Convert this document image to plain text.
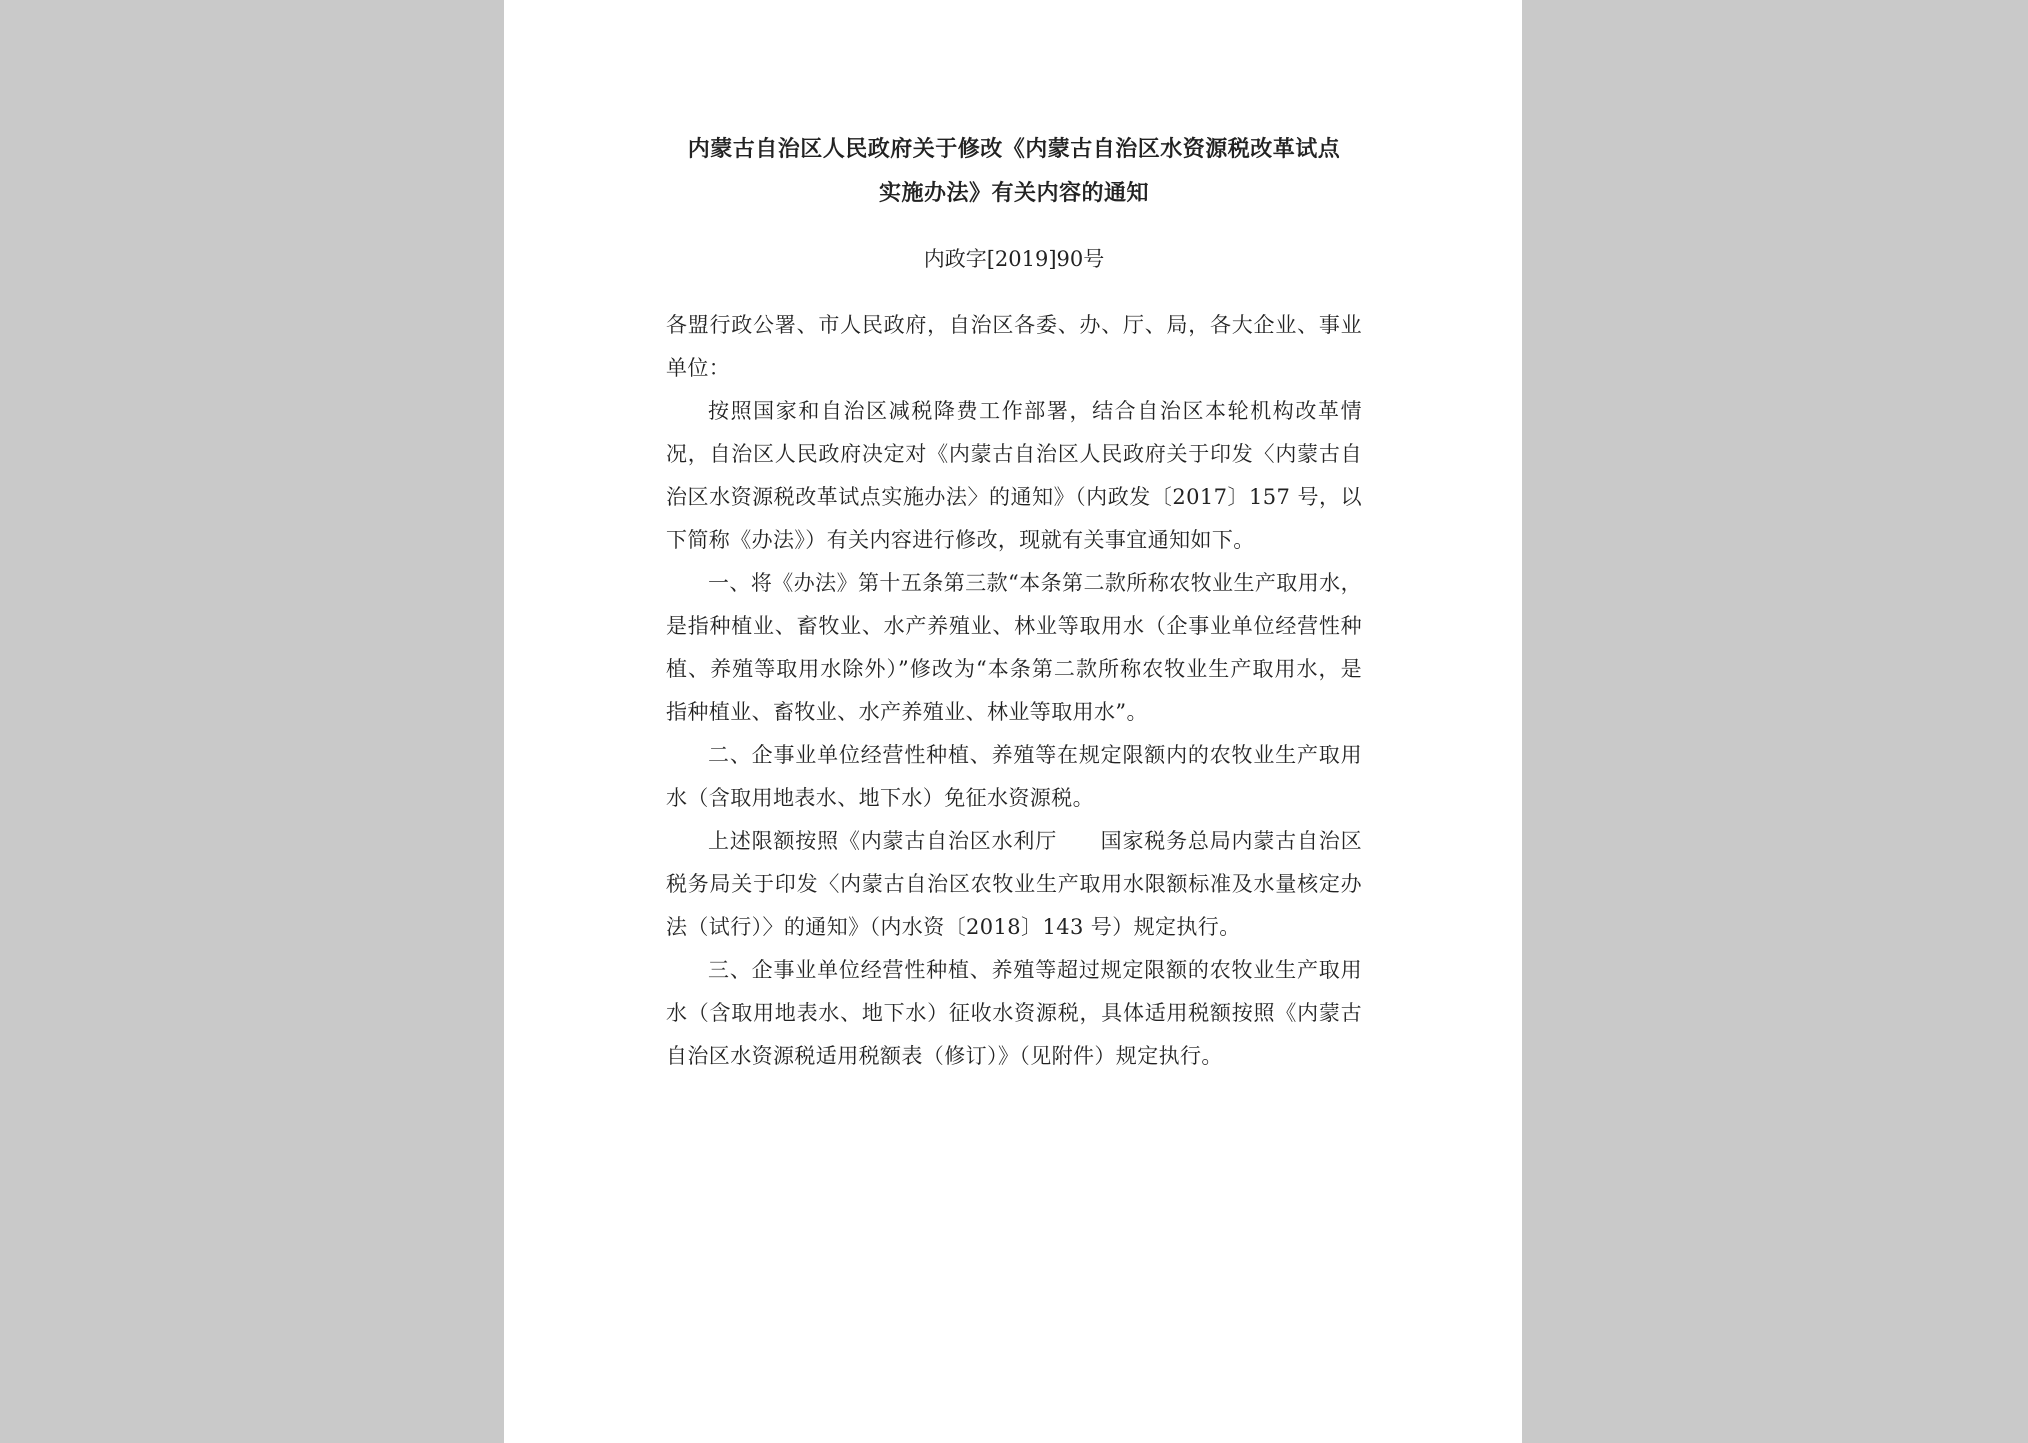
内蒙古自治区人民政府关于修改《内蒙古自治区水资源税改革试点
实施办法》有关内容的通知
内政字[2019]90号

各盟行政公署、市人民政府，自治区各委、办、厅、局，各大企业、事业单位：

按照国家和自治区减税降费工作部署，结合自治区本轮机构改革情况，自治区人民政府决定对《内蒙古自治区人民政府关于印发〈内蒙古自治区水资源税改革试点实施办法〉的通知》（内政发〔2017〕157 号，以下简称《办法》）有关内容进行修改，现就有关事宜通知如下。

一、将《办法》第十五条第三款“本条第二款所称农牧业生产取用水，是指种植业、畜牧业、水产养殖业、林业等取用水（企事业单位经营性种植、养殖等取用水除外）”修改为“本条第二款所称农牧业生产取用水，是指种植业、畜牧业、水产养殖业、林业等取用水”。

二、企事业单位经营性种植、养殖等在规定限额内的农牧业生产取用水（含取用地表水、地下水）免征水资源税。

上述限额按照《内蒙古自治区水利厅　　国家税务总局内蒙古自治区税务局关于印发〈内蒙古自治区农牧业生产取用水限额标准及水量核定办法（试行）〉的通知》（内水资〔2018〕143 号）规定执行。

三、企事业单位经营性种植、养殖等超过规定限额的农牧业生产取用水（含取用地表水、地下水）征收水资源税，具体适用税额按照《内蒙古自治区水资源税适用税额表（修订）》（见附件）规定执行。
